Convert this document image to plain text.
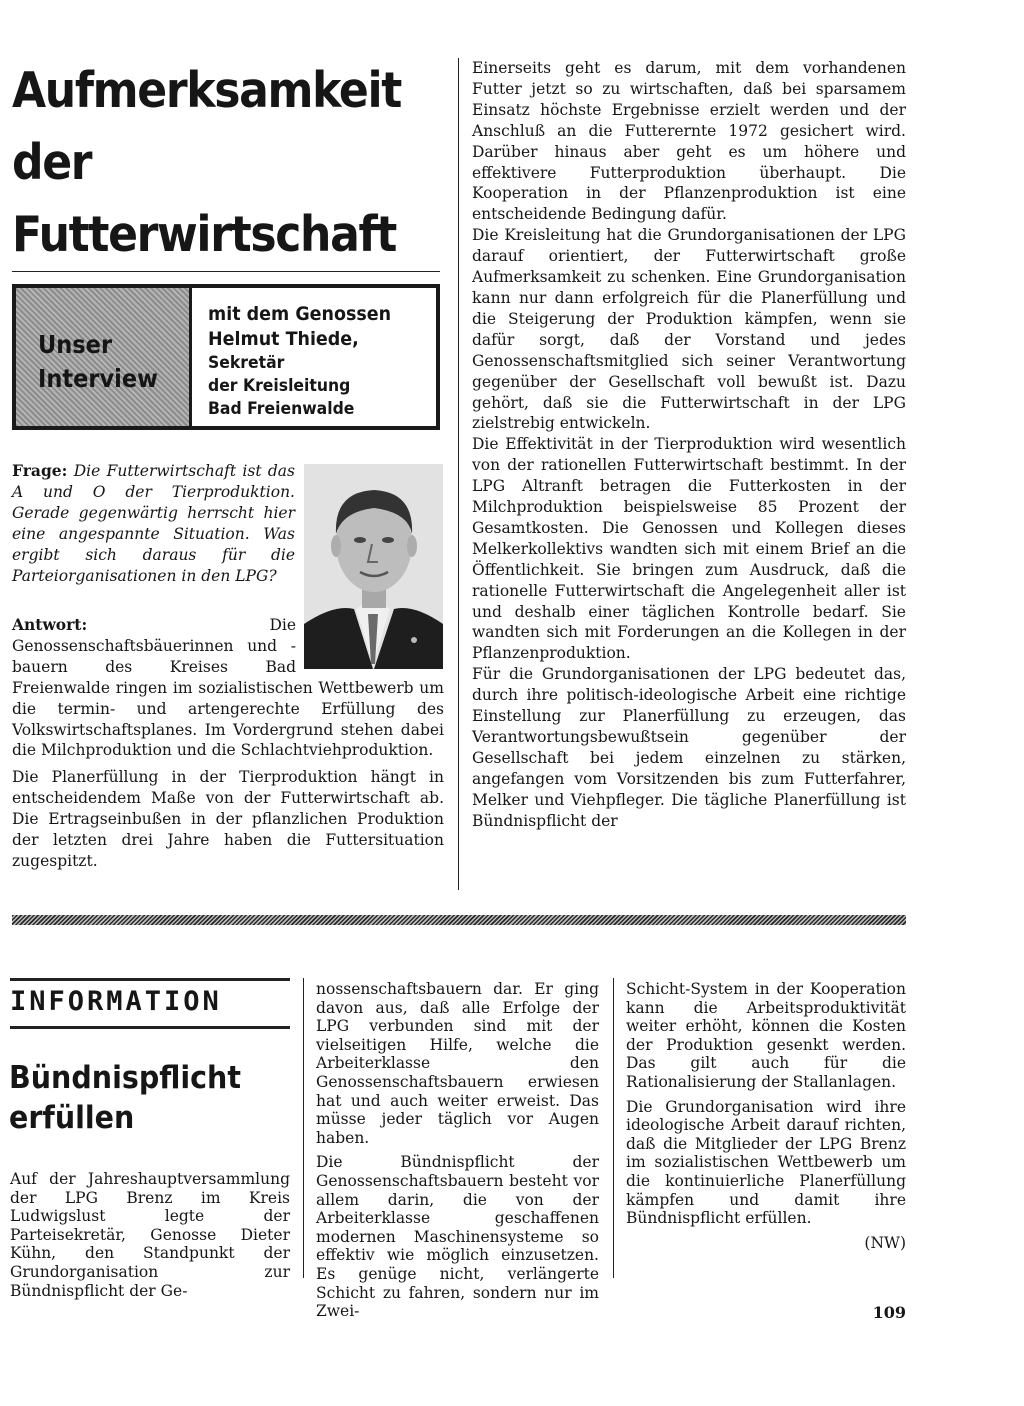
Aufmerksamkeit
der
Futterwirtschaft
Unser
Interview
mit dem Genossen
Helmut Thiede,
Sekretär
der Kreisleitung
Bad Freienwalde

Frage: Die Futterwirtschaft ist das A und O der Tierproduktion. Gerade gegenwärtig herrscht hier eine angespannte Situation. Was ergibt sich daraus für die Parteiorganisationen in den LPG?

Antwort:	Die Genossenschaftsbäuerinnen und -bauern des Kreises Bad Freienwalde ringen im sozialistischen Wettbewerb um die termin- und artengerechte Erfüllung des Volkswirtschaftsplanes. Im Vordergrund stehen dabei die Milchproduktion und die Schlachtviehproduktion.

Die Planerfüllung in der Tierproduktion hängt in entscheidendem Maße von der Futterwirtschaft ab. Die Ertragseinbußen in der pflanzlichen Produktion der letzten drei Jahre haben die Futtersituation zugespitzt.

Einerseits geht es darum, mit dem vorhandenen Futter jetzt so zu wirtschaften, daß bei sparsamem Einsatz höchste Ergebnisse erzielt werden und der Anschluß an die Futterernte 1972 gesichert wird. Darüber hinaus aber geht es um höhere und effektivere Futterproduktion überhaupt. Die Kooperation in der Pflanzenproduktion ist eine entscheidende Bedingung dafür.

Die Kreisleitung hat die Grundorganisationen der LPG darauf orientiert, der Futterwirtschaft große Aufmerksamkeit zu schenken. Eine Grundorganisation kann nur dann erfolgreich für die Planerfüllung und die Steigerung der Produktion kämpfen, wenn sie dafür sorgt, daß der Vorstand und jedes Genossenschaftsmitglied sich seiner Verantwortung gegenüber der Gesellschaft voll bewußt ist. Dazu gehört, daß sie die Futterwirtschaft in der LPG zielstrebig entwickeln.

Die Effektivität in der Tierproduktion wird wesentlich von der rationellen Futterwirtschaft bestimmt. In der LPG Altranft betragen die Futterkosten in der Milchproduktion beispielsweise 85 Prozent der Gesamtkosten. Die Genossen und Kollegen dieses Melkerkollektivs wandten sich mit einem Brief an die Öffentlichkeit. Sie bringen zum Ausdruck, daß die rationelle Futterwirtschaft die Angelegenheit aller ist und deshalb einer täglichen Kontrolle bedarf. Sie wandten sich mit Forderungen an die Kollegen in der Pflanzenproduktion.

Für die Grundorganisationen der LPG bedeutet das, durch ihre politisch-ideologische Arbeit eine richtige Einstellung zur Planerfüllung zu erzeugen, das Verantwortungsbewußtsein gegenüber der Gesellschaft bei jedem einzelnen zu stärken, angefangen vom Vorsitzenden bis zum Futterfahrer, Melker und Viehpfleger. Die tägliche Planerfüllung ist Bündnispflicht der

INFORMATION
Bündnispflicht
erfüllen

Auf der Jahreshauptversammlung der LPG Brenz im Kreis Ludwigslust legte der Parteisekretär, Genosse Dieter Kühn, den Standpunkt der Grundorganisation zur Bündnispflicht der Ge-

nossenschaftsbauern dar. Er ging davon aus, daß alle Erfolge der LPG verbunden sind mit der vielseitigen Hilfe, welche die Arbeiterklasse den Genossenschaftsbauern erwiesen hat und auch weiter erweist. Das müsse jeder täglich vor Augen haben.

Die Bündnispflicht der Genossenschaftsbauern besteht vor allem darin, die von der Arbeiterklasse geschaffenen modernen Maschinensysteme so effektiv wie möglich einzusetzen. Es genüge nicht, verlängerte Schicht zu fahren, sondern nur im Zwei-

Schicht-System in der Kooperation kann die Arbeitsproduktivität weiter erhöht, können die Kosten der Produktion gesenkt werden. Das gilt auch für die Rationalisierung der Stallanlagen.

Die Grundorganisation wird ihre ideologische Arbeit darauf richten, daß die Mitglieder der LPG Brenz im sozialistischen Wettbewerb um die kontinuierliche Planerfüllung kämpfen und damit ihre Bündnispflicht erfüllen.

(NW)

109
